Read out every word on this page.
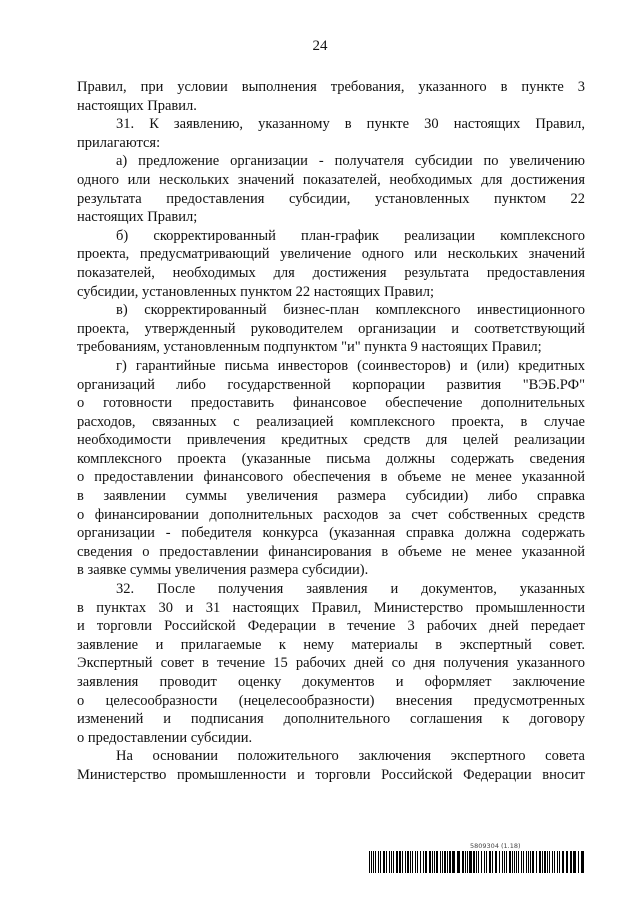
24
Правил, при условии выполнения требования, указанного в пункте 3
настоящих Правил.
31. К заявлению, указанному в пункте 30 настоящих Правил,
прилагаются:
а) предложение организации - получателя субсидии по увеличению
одного или нескольких значений показателей, необходимых для достижения
результата предоставления субсидии, установленных пунктом 22
настоящих Правил;
б) скорректированный план-график реализации комплексного
проекта, предусматривающий увеличение одного или нескольких значений
показателей, необходимых для достижения результата предоставления
субсидии, установленных пунктом 22 настоящих Правил;
в) скорректированный бизнес-план комплексного инвестиционного
проекта, утвержденный руководителем организации и соответствующий
требованиям, установленным подпунктом "и" пункта 9 настоящих Правил;
г) гарантийные письма инвесторов (соинвесторов) и (или) кредитных
организаций либо государственной корпорации развития "ВЭБ.РФ"
о готовности предоставить финансовое обеспечение дополнительных
расходов, связанных с реализацией комплексного проекта, в случае
необходимости привлечения кредитных средств для целей реализации
комплексного проекта (указанные письма должны содержать сведения
о предоставлении финансового обеспечения в объеме не менее указанной
в заявлении суммы увеличения размера субсидии) либо справка
о финансировании дополнительных расходов за счет собственных средств
организации - победителя конкурса (указанная справка должна содержать
сведения о предоставлении финансирования в объеме не менее указанной
в заявке суммы увеличения размера субсидии).
32. После получения заявления и документов, указанных
в пунктах 30 и 31 настоящих Правил, Министерство промышленности
и торговли Российской Федерации в течение 3 рабочих дней передает
заявление и прилагаемые к нему материалы в экспертный совет.
Экспертный совет в течение 15 рабочих дней со дня получения указанного
заявления проводит оценку документов и оформляет заключение
о целесообразности (нецелесообразности) внесения предусмотренных
изменений и подписания дополнительного соглашения к договору
о предоставлении субсидии.
На основании положительного заключения экспертного совета
Министерство промышленности и торговли Российской Федерации вносит
5809304 (1.18)
